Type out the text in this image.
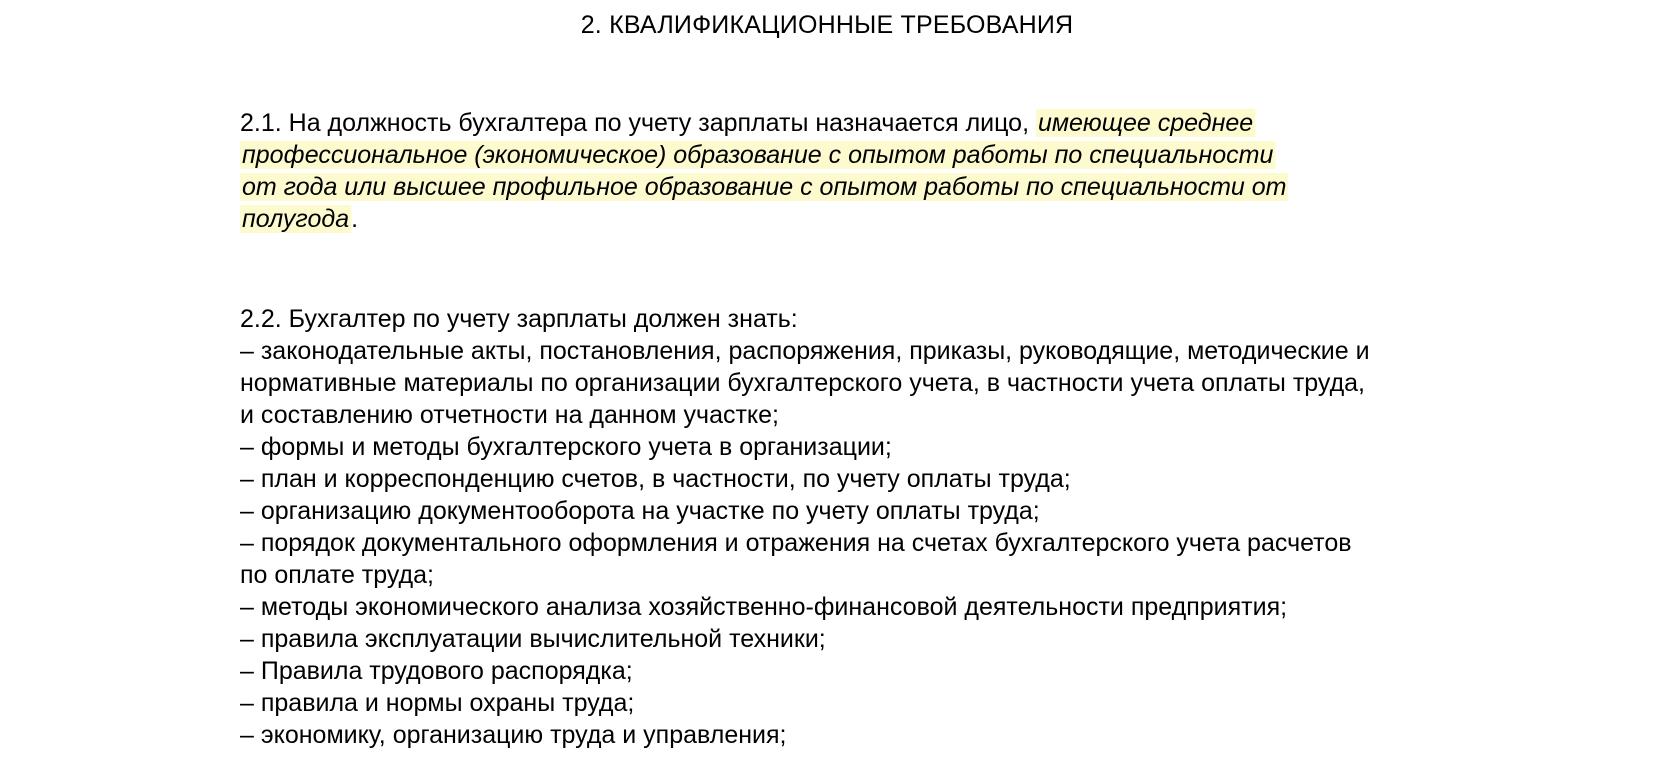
2. КВАЛИФИКАЦИОННЫЕ ТРЕБОВАНИЯ
2.1. На должность бухгалтера по учету зарплаты назначается лицо, имеющее среднее
профессиональное (экономическое) образование с опытом работы по специальности
от года или высшее профильное образование с опытом работы по специальности от
полугода.
2.2. Бухгалтер по учету зарплаты должен знать:
– законодательные акты, постановления, распоряжения, приказы, руководящие, методические и
нормативные материалы по организации бухгалтерского учета, в частности учета оплаты труда,
и составлению отчетности на данном участке;
– формы и методы бухгалтерского учета в организации;
– план и корреспонденцию счетов, в частности, по учету оплаты труда;
– организацию документооборота на участке по учету оплаты труда;
– порядок документального оформления и отражения на счетах бухгалтерского учета расчетов
по оплате труда;
– методы экономического анализа хозяйственно-финансовой деятельности предприятия;
– правила эксплуатации вычислительной техники;
– Правила трудового распорядка;
– правила и нормы охраны труда;
– экономику, организацию труда и управления;
